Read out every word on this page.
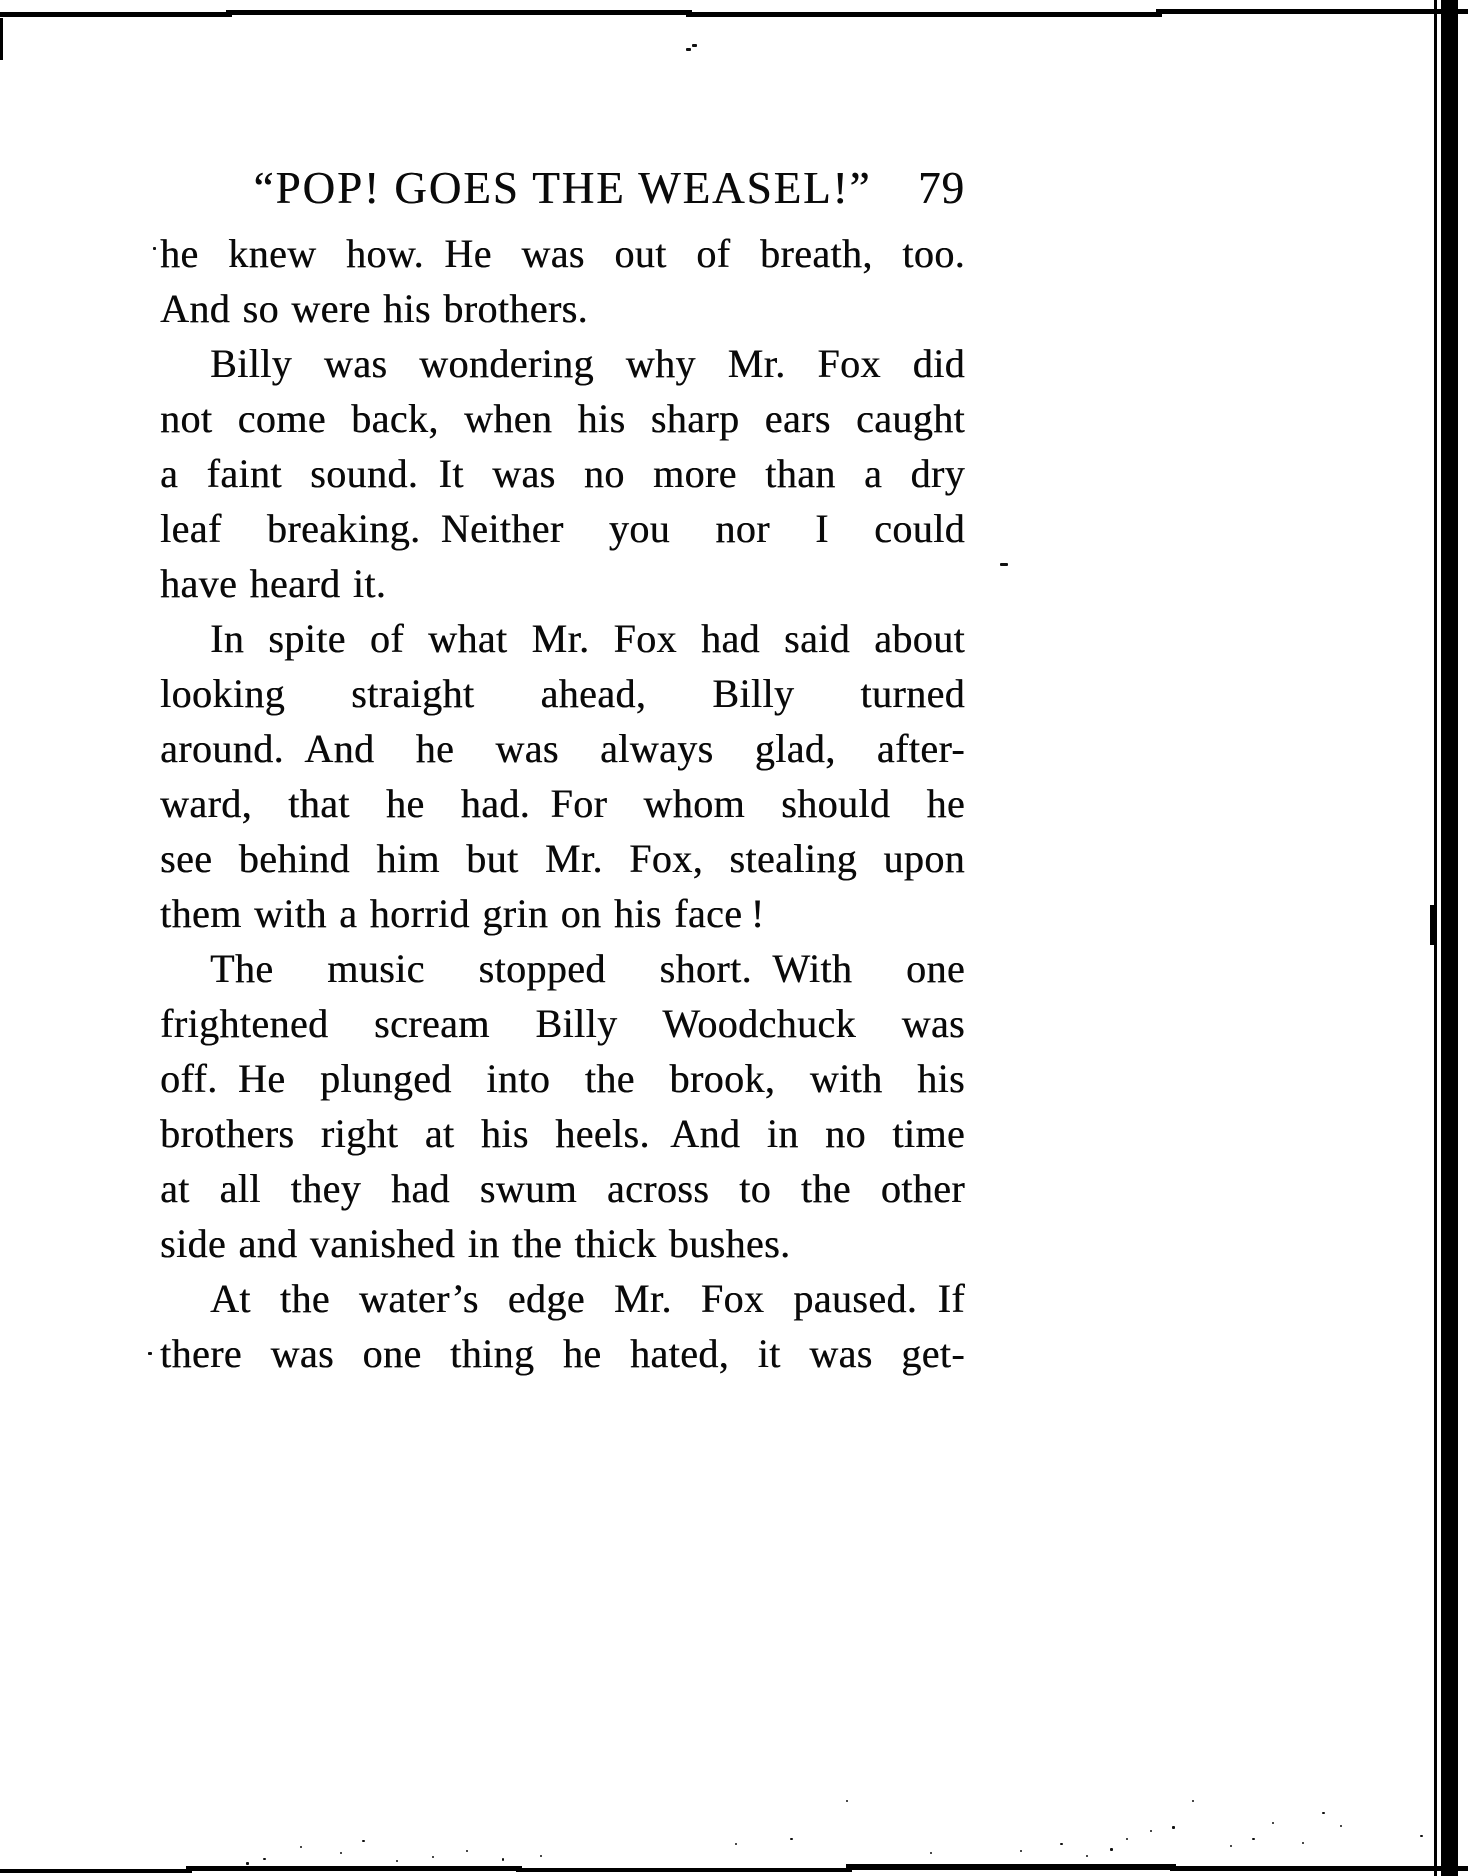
“POP! GOES THE WEASEL!”	79
he knew how. He was out of breath, too.
And so were his brothers.
Billy was wondering why Mr. Fox did
not come back, when his sharp ears caught
a faint sound. It was no more than a dry
leaf breaking. Neither you nor I could
have heard it.
In spite of what Mr. Fox had said about
looking straight ahead, Billy turned
around. And he was always glad, after-
ward, that he had. For whom should he
see behind him but Mr. Fox, stealing upon
them with a horrid grin on his face !
The music stopped short. With one
frightened scream Billy Woodchuck was
off. He plunged into the brook, with his
brothers right at his heels. And in no time
at all they had swum across to the other
side and vanished in the thick bushes.
At the water’s edge Mr. Fox paused. If
there was one thing he hated, it was get-
